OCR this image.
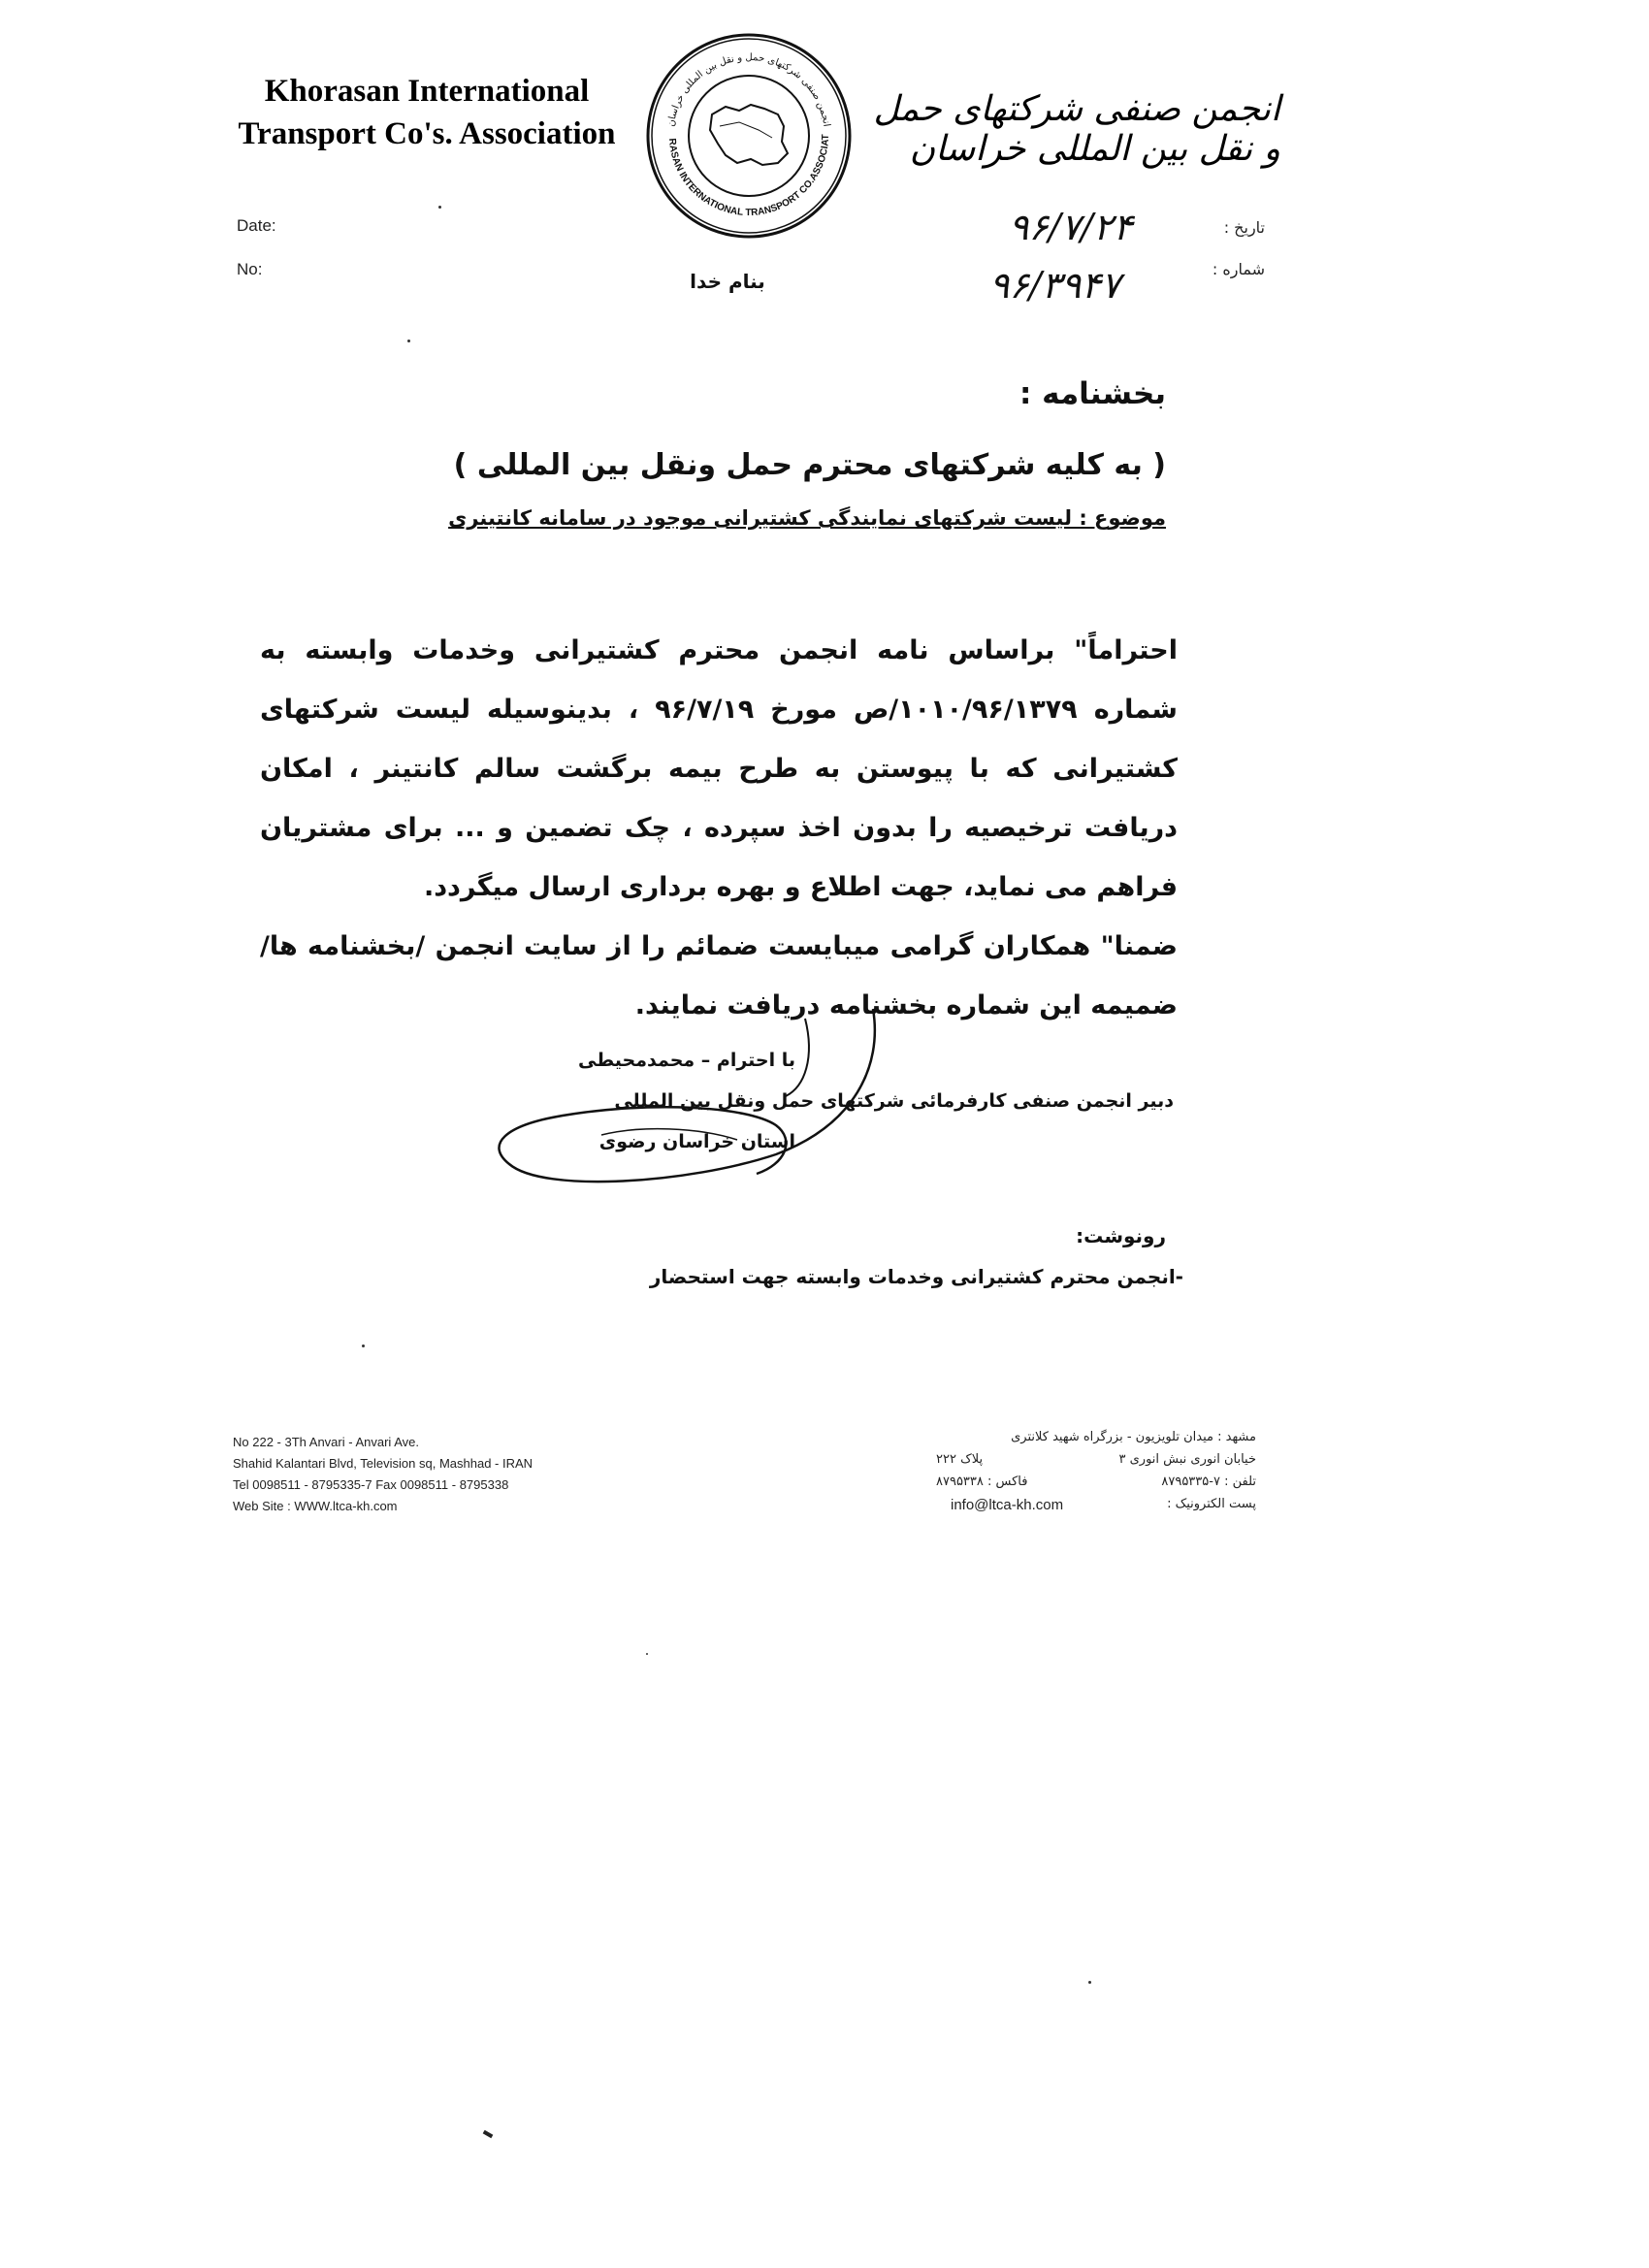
Khorasan International
Transport Co's. Association	انجمن صنفی شرکتهای حمل و نقل بین المللی خراسان
RASAN INTERNATIONAL TRANSPORT CO.ASSOCIAT
انجمن صنفی شرکتهای حمل و نقل بین المللی خراسان
Date:
No:
تاریخ :
شماره :
۹۶/۷/۲۴
۹۶/۳۹۴۷
بنام خدا
بخشنامه :
( به کلیه شرکتهای محترم حمل ونقل بین المللی )
موضوع : لیست شرکتهای نمایندگی کشتیرانی موجود در سامانه کانتینری

احتراماً" براساس نامه انجمن محترم کشتیرانی وخدمات وابسته به شماره ۱۰۱۰/۹۶/۱۳۷۹/ص مورخ ۹۶/۷/۱۹ ، بدینوسیله لیست شرکتهای کشتیرانی که با پیوستن به طرح بیمه برگشت سالم کانتینر ، امکان دریافت ترخیصیه را بدون اخذ سپرده ، چک تضمین و ... برای مشتریان فراهم می نماید، جهت اطلاع و بهره برداری ارسال میگردد.

ضمنا" همکاران گرامی میبایست ضمائم را از سایت انجمن /بخشنامه ها/ ضمیمه این شماره بخشنامه دریافت نمایند.

با احترام – محمدمحیطی
دبیر انجمن صنفی کارفرمائی شرکتهای حمل ونقل بین المللی
استان خراسان رضوی
رونوشت:
-انجمن محترم کشتیرانی وخدمات وابسته جهت استحضار
No 222 - 3Th Anvari - Anvari Ave.
Shahid Kalantari Blvd, Television sq, Mashhad - IRAN
Tel 0098511 - 8795335-7 Fax 0098511 - 8795338
Web Site : WWW.ltca-kh.com
مشهد : میدان تلویزیون - بزرگراه شهید کلانتری
خیابان انوری نبش انوری ۳
پلاک ۲۲۲
تلفن : ۷-۸۷۹۵۳۳۵
فاکس : ۸۷۹۵۳۳۸
پست الکترونیک :
info@ltca-kh.com
